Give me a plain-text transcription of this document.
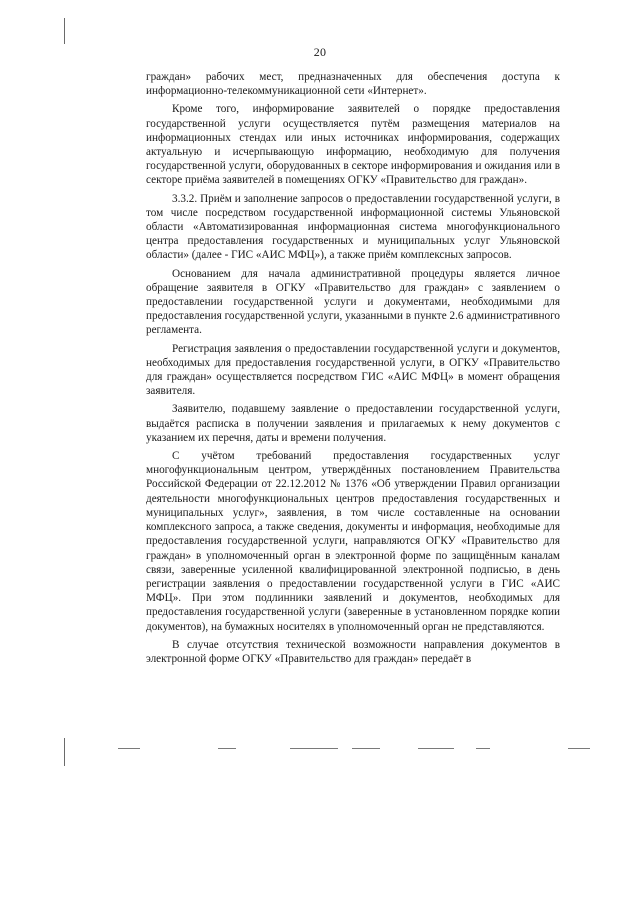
20

граждан» рабочих мест, предназначенных для обеспечения доступа к информационно-телекоммуникационной сети «Интернет».

Кроме того, информирование заявителей о порядке предоставления государственной услуги осуществляется путём размещения материалов на информационных стендах или иных источниках информирования, содержащих актуальную и исчерпывающую информацию, необходимую для получения государственной услуги, оборудованных в секторе информирования и ожидания или в секторе приёма заявителей в помещениях ОГКУ «Правительство для граждан».

3.3.2. Приём и заполнение запросов о предоставлении государственной услуги, в том числе посредством государственной информационной системы Ульяновской области «Автоматизированная информационная система многофункционального центра предоставления государственных и муниципальных услуг Ульяновской области» (далее - ГИС «АИС МФЦ»), а также приём комплексных запросов.

Основанием для начала административной процедуры является личное обращение заявителя в ОГКУ «Правительство для граждан» с заявлением о предоставлении государственной услуги и документами, необходимыми для предоставления государственной услуги, указанными в пункте 2.6 административного регламента.

Регистрация заявления о предоставлении государственной услуги и документов, необходимых для предоставления государственной услуги, в ОГКУ «Правительство для граждан» осуществляется посредством ГИС «АИС МФЦ» в момент обращения заявителя.

Заявителю, подавшему заявление о предоставлении государственной услуги, выдаётся расписка в получении заявления и прилагаемых к нему документов с указанием их перечня, даты и времени получения.

С учётом требований предоставления государственных услуг многофункциональным центром, утверждённых постановлением Правительства Российской Федерации от 22.12.2012 № 1376 «Об утверждении Правил организации деятельности многофункциональных центров предоставления государственных и муниципальных услуг», заявления, в том числе составленные на основании комплексного запроса, а также сведения, документы и информация, необходимые для предоставления государственной услуги, направляются ОГКУ «Правительство для граждан» в уполномоченный орган в электронной форме по защищённым каналам связи, заверенные усиленной квалифицированной электронной подписью, в день регистрации заявления о предоставлении государственной услуги в ГИС «АИС МФЦ». При этом подлинники заявлений и документов, необходимых для предоставления государственной услуги (заверенные в установленном порядке копии документов), на бумажных носителях в уполномоченный орган не представляются.

В случае отсутствия технической возможности направления документов в электронной форме ОГКУ «Правительство для граждан» передаёт в
